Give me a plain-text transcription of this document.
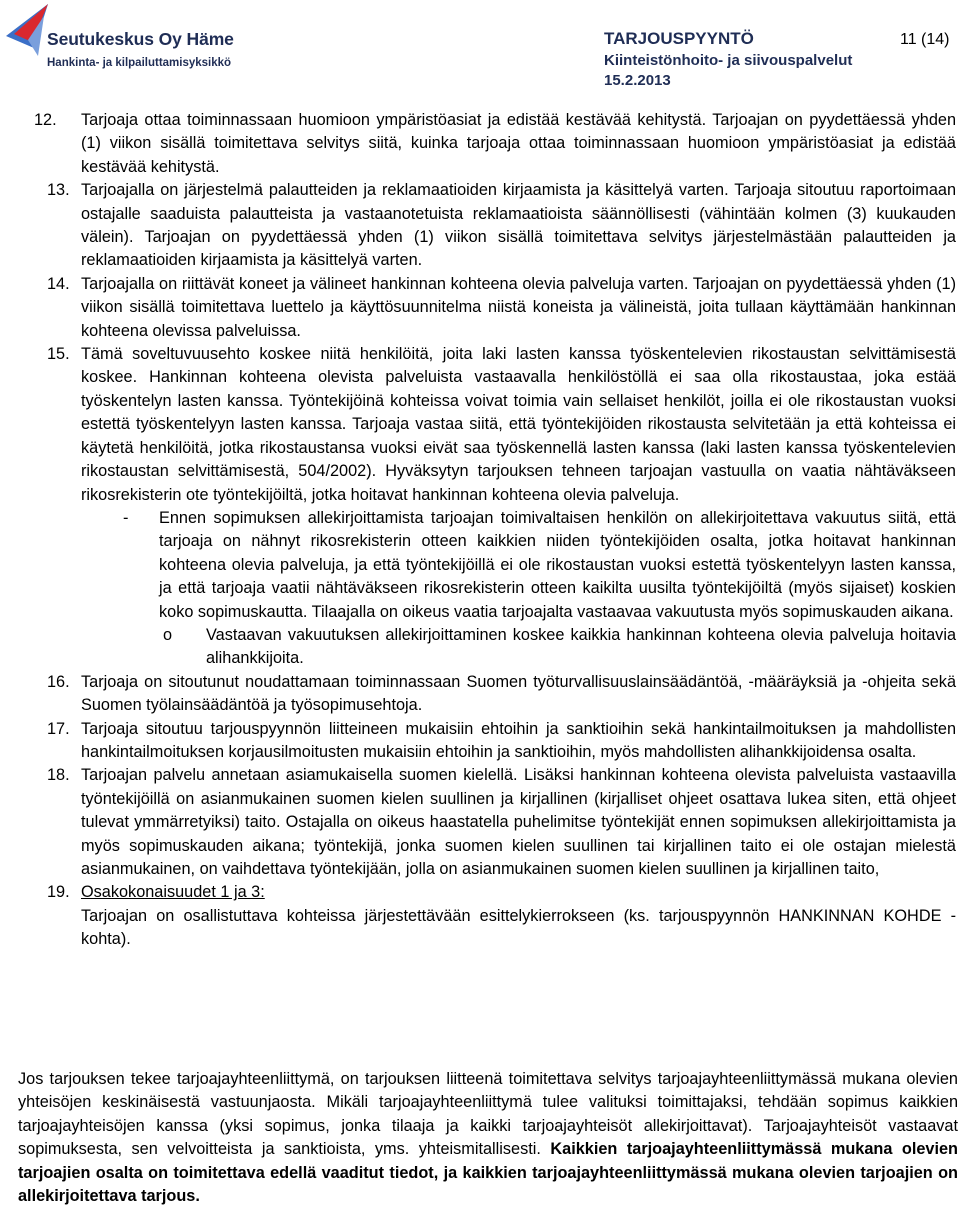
Seutukeskus Oy Häme
Hankinta- ja kilpailuttamisyksikkö
TARJOUSPYYNTÖ
Kiinteistönhoito- ja siivouspalvelut
15.2.2013
11 (14)
12. Tarjoaja ottaa toiminnassaan huomioon ympäristöasiat ja edistää kestävää kehitystä. Tarjoajan on pyydettäessä yhden (1) viikon sisällä toimitettava selvitys siitä, kuinka tarjoaja ottaa toiminnassaan huomioon ympäristöasiat ja edistää kestävää kehitystä.
13. Tarjoajalla on järjestelmä palautteiden ja reklamaatioiden kirjaamista ja käsittelyä varten. Tarjoaja sitoutuu raportoimaan ostajalle saaduista palautteista ja vastaanotetuista reklamaatioista säännöllisesti (vähintään kolmen (3) kuukauden välein). Tarjoajan on pyydettäessä yhden (1) viikon sisällä toimitettava selvitys järjestelmästään palautteiden ja reklamaatioiden kirjaamista ja käsittelyä varten.
14. Tarjoajalla on riittävät koneet ja välineet hankinnan kohteena olevia palveluja varten. Tarjoajan on pyydettäessä yhden (1) viikon sisällä toimitettava luettelo ja käyttösuunnitelma niistä koneista ja välineistä, joita tullaan käyttämään hankinnan kohteena olevissa palveluissa.
15. Tämä soveltuvuusehto koskee niitä henkilöitä, joita laki lasten kanssa työskentelevien rikostaustan selvittämisestä koskee. Hankinnan kohteena olevista palveluista vastaavalla henkilöstöllä ei saa olla rikostaustaa, joka estää työskentelyn lasten kanssa. Työntekijöinä kohteissa voivat toimia vain sellaiset henkilöt, joilla ei ole rikostaustan vuoksi estettä työskentelyyn lasten kanssa. Tarjoaja vastaa siitä, että työntekijöiden rikostausta selvitetään ja että kohteissa ei käytetä henkilöitä, jotka rikostaustansa vuoksi eivät saa työskennellä lasten kanssa (laki lasten kanssa työskentelevien rikostaustan selvittämisestä, 504/2002). Hyväksytyn tarjouksen tehneen tarjoajan vastuulla on vaatia nähtäväkseen rikosrekisterin ote työntekijöiltä, jotka hoitavat hankinnan kohteena olevia palveluja.
- Ennen sopimuksen allekirjoittamista tarjoajan toimivaltaisen henkilön on allekirjoitettava vakuutus siitä, että tarjoaja on nähnyt rikosrekisterin otteen kaikkien niiden työntekijöiden osalta, jotka hoitavat hankinnan kohteena olevia palveluja, ja että työntekijöillä ei ole rikostaustan vuoksi estettä työskentelyyn lasten kanssa, ja että tarjoaja vaatii nähtäväkseen rikosrekisterin otteen kaikilta uusilta työntekijöiltä (myös sijaiset) koskien koko sopimuskautta. Tilaajalla on oikeus vaatia tarjoajalta vastaavaa vakuutusta myös sopimuskauden aikana.
o Vastaavan vakuutuksen allekirjoittaminen koskee kaikkia hankinnan kohteena olevia palveluja hoitavia alihankkijoita.
16. Tarjoaja on sitoutunut noudattamaan toiminnassaan Suomen työturvallisuuslainsäädäntöä, -määräyksiä ja -ohjeita sekä Suomen työlainsäädäntöä ja työsopimusehtoja.
17. Tarjoaja sitoutuu tarjouspyynnön liitteineen mukaisiin ehtoihin ja sanktioihin sekä hankintailmoituksen ja mahdollisten hankintailmoituksen korjausilmoitusten mukaisiin ehtoihin ja sanktioihin, myös mahdollisten alihankkijoidensa osalta.
18. Tarjoajan palvelu annetaan asiamukaisella suomen kielellä. Lisäksi hankinnan kohteena olevista palveluista vastaavilla työntekijöillä on asianmukainen suomen kielen suullinen ja kirjallinen (kirjalliset ohjeet osattava lukea siten, että ohjeet tulevat ymmärretyiksi) taito. Ostajalla on oikeus haastatella puhelimitse työntekijät ennen sopimuksen allekirjoittamista ja myös sopimuskauden aikana; työntekijä, jonka suomen kielen suullinen tai kirjallinen taito ei ole ostajan mielestä asianmukainen, on vaihdettava työntekijään, jolla on asianmukainen suomen kielen suullinen ja kirjallinen taito,
19. Osakokonaisuudet 1 ja 3:
Tarjoajan on osallistuttava kohteissa järjestettävään esittelykierrokseen (ks. tarjouspyynnön HANKINNAN KOHDE -kohta).
Jos tarjouksen tekee tarjoajayhteenliittymä, on tarjouksen liitteenä toimitettava selvitys tarjoajayhteenliittymässä mukana olevien yhteisöjen keskinäisestä vastuunjaosta. Mikäli tarjoajayhteenliittymä tulee valituksi toimittajaksi, tehdään sopimus kaikkien tarjoajayhteisöjen kanssa (yksi sopimus, jonka tilaaja ja kaikki tarjoajayhteisöt allekirjoittavat). Tarjoajayhteisöt vastaavat sopimuksesta, sen velvoitteista ja sanktioista, yms. yhteismitallisesti. Kaikkien tarjoajayhteenliittymässä mukana olevien tarjoajien osalta on toimitettava edellä vaaditut tiedot, ja kaikkien tarjoajayhteenliittymässä mukana olevien tarjoajien on allekirjoitettava tarjous.
